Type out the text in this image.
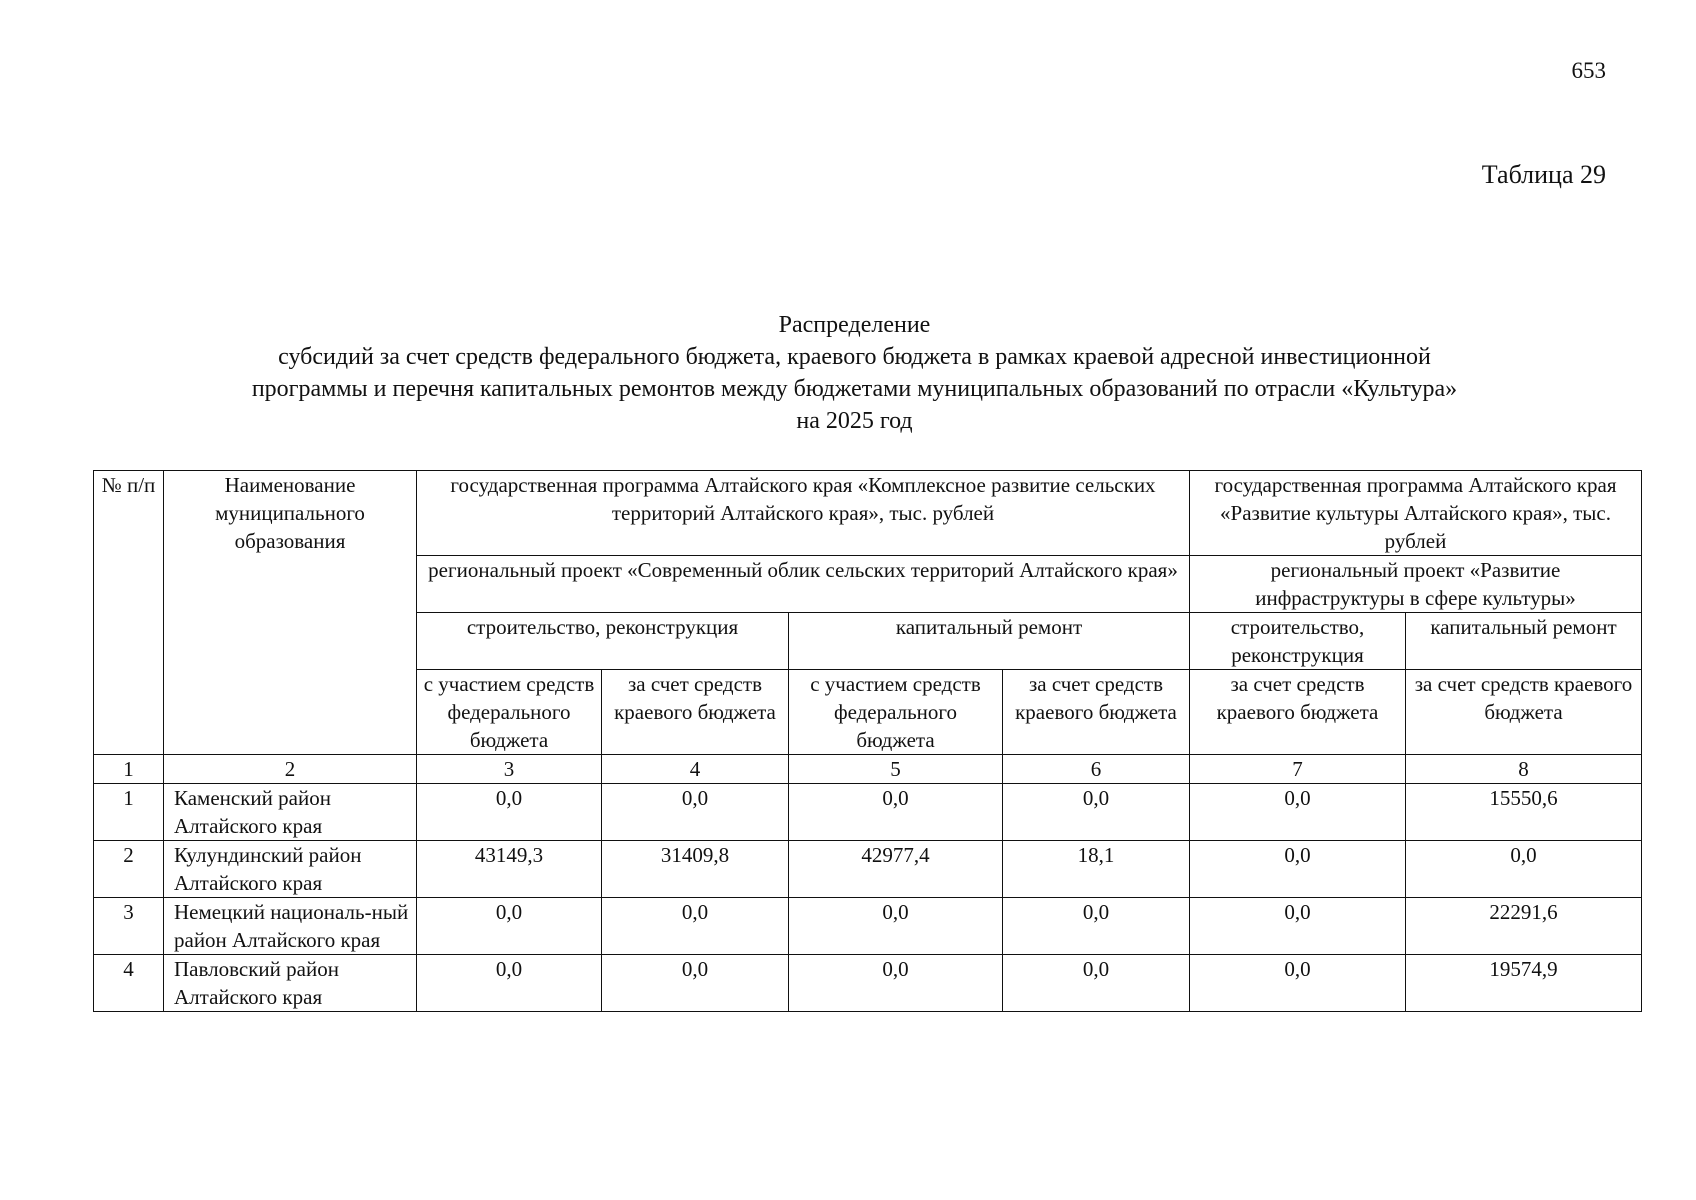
653
Таблица 29
Распределение
субсидий за счет средств федерального бюджета, краевого бюджета в рамках краевой адресной инвестиционной
программы и перечня капитальных ремонтов между бюджетами муниципальных образований по отрасли «Культура»
на 2025 год
№ п/п	Наименование муниципального образования	государственная программа Алтайского края «Комплексное развитие сельских территорий Алтайского края», тыс. рублей				государственная программа Алтайского края «Развитие культуры Алтайского края», тыс. рублей	
		региональный проект «Современный облик сельских территорий Алтайского края»				региональный проект «Развитие инфраструктуры в сфере культуры»	
		строительство, реконструкция		капитальный ремонт		строительство, реконструкция	капитальный ремонт
		с участием средств федерального бюджета	за счет средств краевого бюджета	с участием средств федерального бюджета	за счет средств краевого бюджета	за счет средств краевого бюджета	за счет средств краевого бюджета
1	2	3	4	5	6	7	8
1	Каменский район Алтайского края	0,0	0,0	0,0	0,0	0,0	15550,6
2	Кулундинский район Алтайского края	43149,3	31409,8	42977,4	18,1	0,0	0,0
3	Немецкий националь-ный район Алтайского края	0,0	0,0	0,0	0,0	0,0	22291,6
4	Павловский район Алтайского края	0,0	0,0	0,0	0,0	0,0	19574,9
